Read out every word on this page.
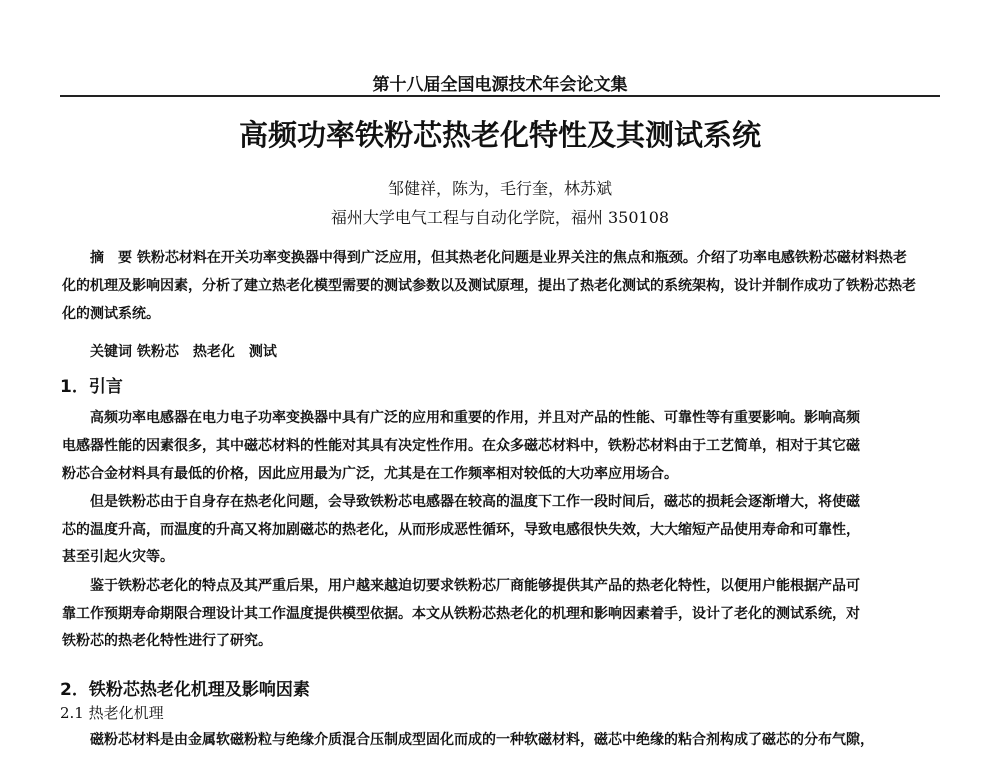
第十八届全国电源技术年会论文集
高频功率铁粉芯热老化特性及其测试系统
邹健祥，陈为，毛行奎，林苏斌
福州大学电气工程与自动化学院，福州 350108
摘　要 铁粉芯材料在开关功率变换器中得到广泛应用，但其热老化问题是业界关注的焦点和瓶颈。介绍了功率电感铁粉芯磁材料热老
化的机理及影响因素，分析了建立热老化模型需要的测试参数以及测试原理，提出了热老化测试的系统架构，设计并制作成功了铁粉芯热老
化的测试系统。
关键词 铁粉芯　热老化　测试
1．引言
高频功率电感器在电力电子功率变换器中具有广泛的应用和重要的作用，并且对产品的性能、可靠性等有重要影响。影响高频
电感器性能的因素很多，其中磁芯材料的性能对其具有决定性作用。在众多磁芯材料中，铁粉芯材料由于工艺简单，相对于其它磁
粉芯合金材料具有最低的价格，因此应用最为广泛，尤其是在工作频率相对较低的大功率应用场合。
但是铁粉芯由于自身存在热老化问题，会导致铁粉芯电感器在较高的温度下工作一段时间后，磁芯的损耗会逐渐增大，将使磁
芯的温度升高，而温度的升高又将加剧磁芯的热老化，从而形成恶性循环，导致电感很快失效，大大缩短产品使用寿命和可靠性，
甚至引起火灾等。
鉴于铁粉芯老化的特点及其严重后果，用户越来越迫切要求铁粉芯厂商能够提供其产品的热老化特性，以便用户能根据产品可
靠工作预期寿命期限合理设计其工作温度提供模型依据。本文从铁粉芯热老化的机理和影响因素着手，设计了老化的测试系统，对
铁粉芯的热老化特性进行了研究。
2．铁粉芯热老化机理及影响因素
2.1 热老化机理
磁粉芯材料是由金属软磁粉粒与绝缘介质混合压制成型固化而成的一种软磁材料，磁芯中绝缘的粘合剂构成了磁芯的分布气隙，
